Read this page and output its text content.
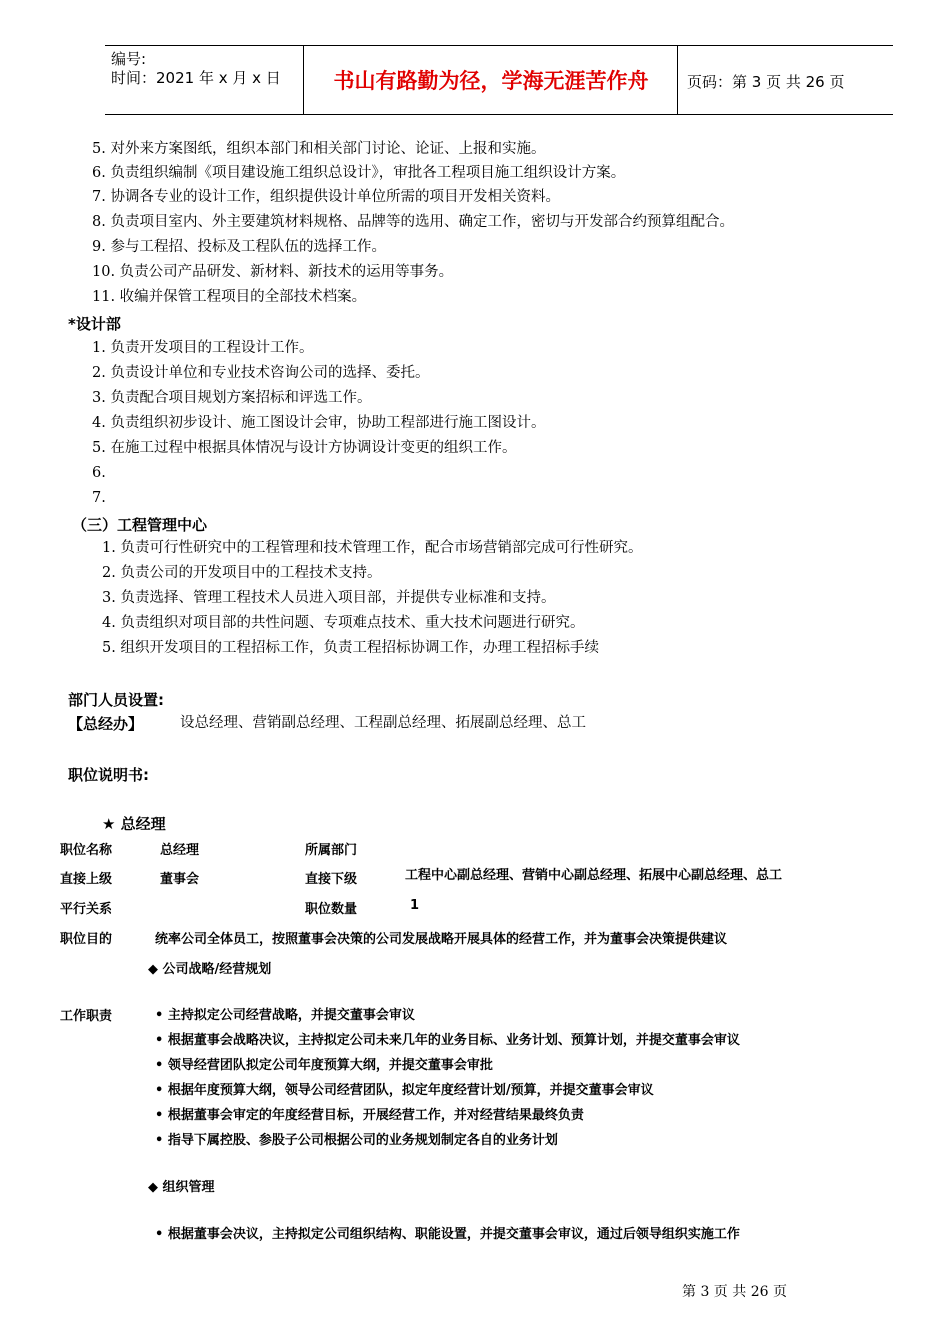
编号:
时间：2021 年 x 月 x 日	书山有路勤为径，学海无涯苦作舟	页码：第 3 页 共 26 页
5. 对外来方案图纸，组织本部门和相关部门讨论、论证、上报和实施。
6. 负责组织编制《项目建设施工组织总设计》，审批各工程项目施工组织设计方案。
7. 协调各专业的设计工作，组织提供设计单位所需的项目开发相关资料。
8. 负责项目室内、外主要建筑材料规格、品牌等的选用、确定工作，密切与开发部合约预算组配合。
9. 参与工程招、投标及工程队伍的选择工作。
10. 负责公司产品研发、新材料、新技术的运用等事务。
11. 收编并保管工程项目的全部技术档案。
*设计部
1. 负责开发项目的工程设计工作。
2. 负责设计单位和专业技术咨询公司的选择、委托。
3. 负责配合项目规划方案招标和评选工作。
4. 负责组织初步设计、施工图设计会审，协助工程部进行施工图设计。
5. 在施工过程中根据具体情况与设计方协调设计变更的组织工作。
6.
7.
（三）工程管理中心
1. 负责可行性研究中的工程管理和技术管理工作，配合市场营销部完成可行性研究。
2. 负责公司的开发项目中的工程技术支持。
3. 负责选择、管理工程技术人员进入项目部，并提供专业标准和支持。
4. 负责组织对项目部的共性问题、专项难点技术、重大技术问题进行研究。
5. 组织开发项目的工程招标工作，负责工程招标协调工作，办理工程招标手续
部门人员设置:
【总经办】	设总经理、营销副总经理、工程副总经理、拓展副总经理、总工
职位说明书:
★ 总经理
职位名称	总经理	所属部门
直接上级	董事会	直接下级	工程中心副总经理、营销中心副总经理、拓展中心副总经理、总工
平行关系	职位数量	1
职位目的	统率公司全体员工，按照董事会决策的公司发展战略开展具体的经营工作，并为董事会决策提供建议
◆ 公司战略/经营规划
工作职责	• 主持拟定公司经营战略，并提交董事会审议
• 根据董事会战略决议，主持拟定公司未来几年的业务目标、业务计划、预算计划，并提交董事会审议
• 领导经营团队拟定公司年度预算大纲，并提交董事会审批
• 根据年度预算大纲，领导公司经营团队，拟定年度经营计划/预算，并提交董事会审议
• 根据董事会审定的年度经营目标，开展经营工作，并对经营结果最终负责
• 指导下属控股、参股子公司根据公司的业务规划制定各自的业务计划
◆ 组织管理
• 根据董事会决议，主持拟定公司组织结构、职能设置，并提交董事会审议，通过后领导组织实施工作
第 3 页 共 26 页
